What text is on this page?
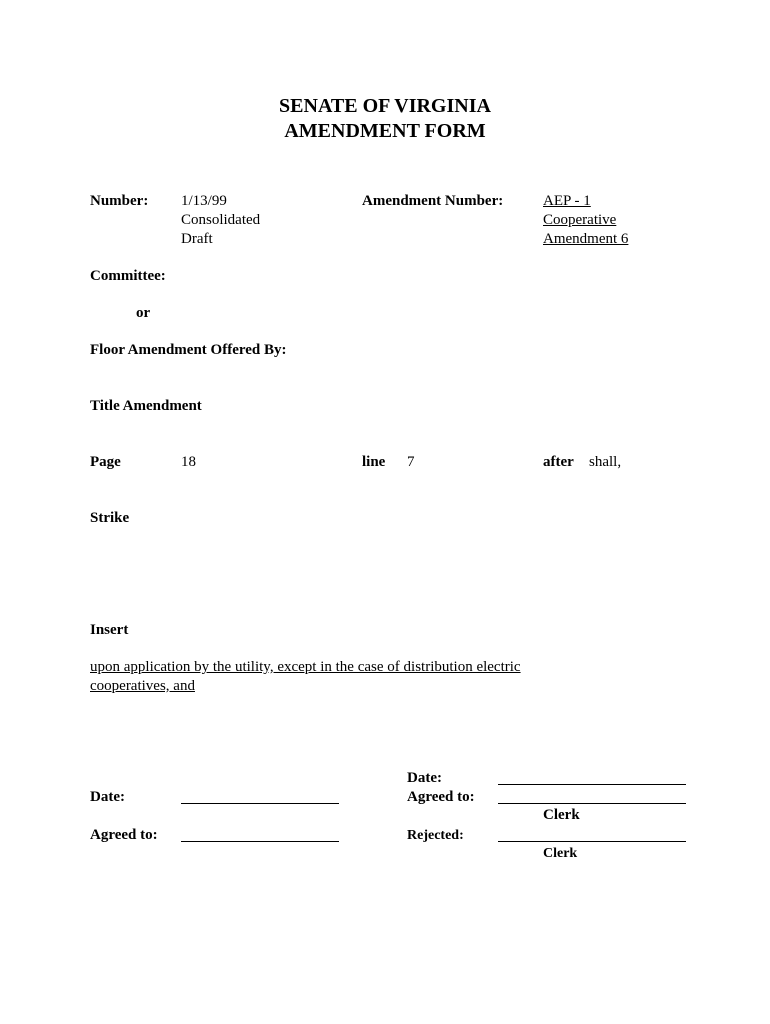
SENATE OF VIRGINIA
AMENDMENT FORM
Number: 1/13/99
Consolidated
Draft
Amendment Number:	AEP - 1
Cooperative
Amendment 6
Committee:
or
Floor Amendment Offered By:
Title Amendment
Page	18	line 7	after shall,
Strike
Insert
upon application by the utility, except in the case of distribution electric
cooperatives, and
Date:
Agreed to:
Date:
Agreed to:
Clerk
Rejected:
Clerk
